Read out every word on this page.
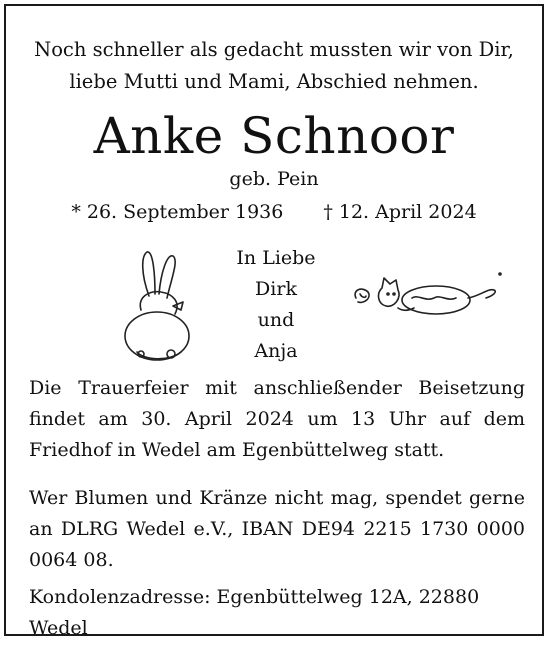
Noch schneller als gedacht mussten wir von Dir,
liebe Mutti und Mami, Abschied nehmen.
Anke Schnoor
geb. Pein
* 26. September 1936 † 12. April 2024
In Liebe
Dirk
und
Anja
Die Trauerfeier mit anschließender Beisetzung findet am 30. April 2024 um 13 Uhr auf dem Friedhof in Wedel am Egenbüttelweg statt.
Wer Blumen und Kränze nicht mag, spendet gerne an DLRG Wedel e.V., IBAN DE94 2215 1730 0000 0064 08.
Kondolenzadresse: Egenbüttelweg 12A, 22880 Wedel
